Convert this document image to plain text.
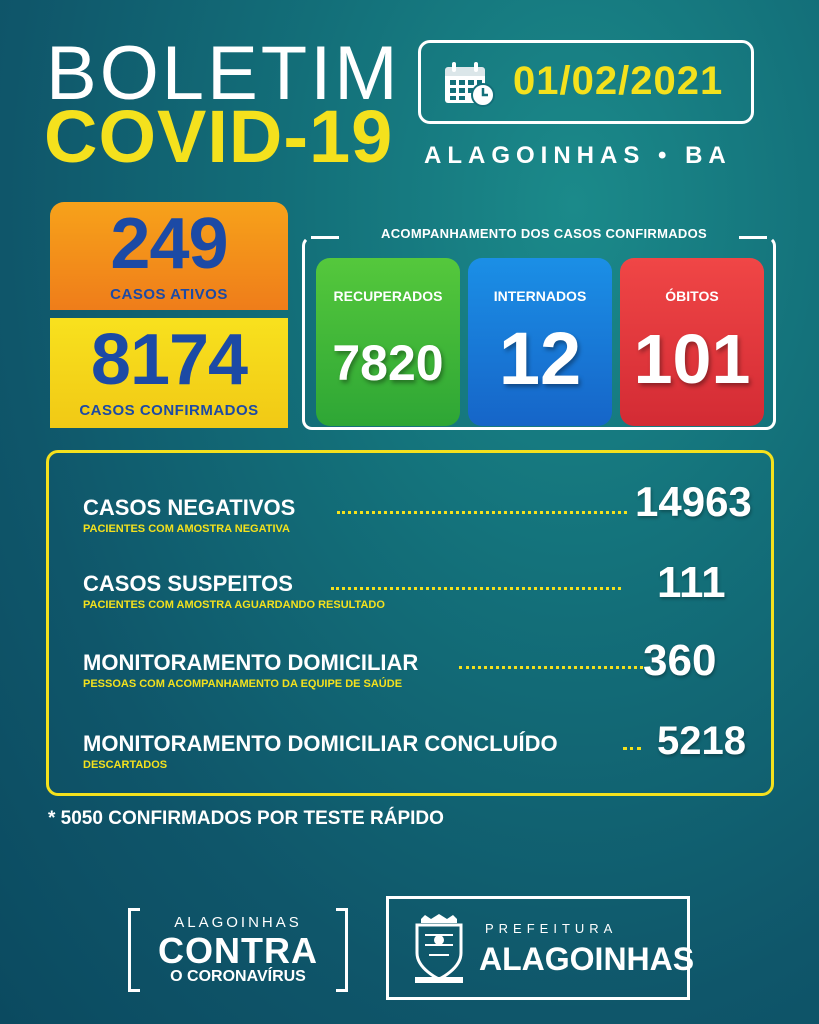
BOLETIM
COVID-19
01/02/2021
ALAGOINHAS • BA
249
CASOS ATIVOS
8174
CASOS CONFIRMADOS
ACOMPANHAMENTO DOS CASOS CONFIRMADOS
RECUPERADOS
7820
INTERNADOS
12
ÓBITOS
101
CASOS NEGATIVOS
PACIENTES COM AMOSTRA NEGATIVA
14963
CASOS SUSPEITOS
PACIENTES COM AMOSTRA AGUARDANDO RESULTADO	111
MONITORAMENTO DOMICILIAR
PESSOAS COM ACOMPANHAMENTO DA EQUIPE DE SAÚDE	360
MONITORAMENTO DOMICILIAR CONCLUÍDO
DESCARTADOS
5218
* 5050 CONFIRMADOS POR TESTE RÁPIDO
ALAGOINHAS
CONTRA
O CORONAVÍRUS
PREFEITURA
ALAGOINHAS
